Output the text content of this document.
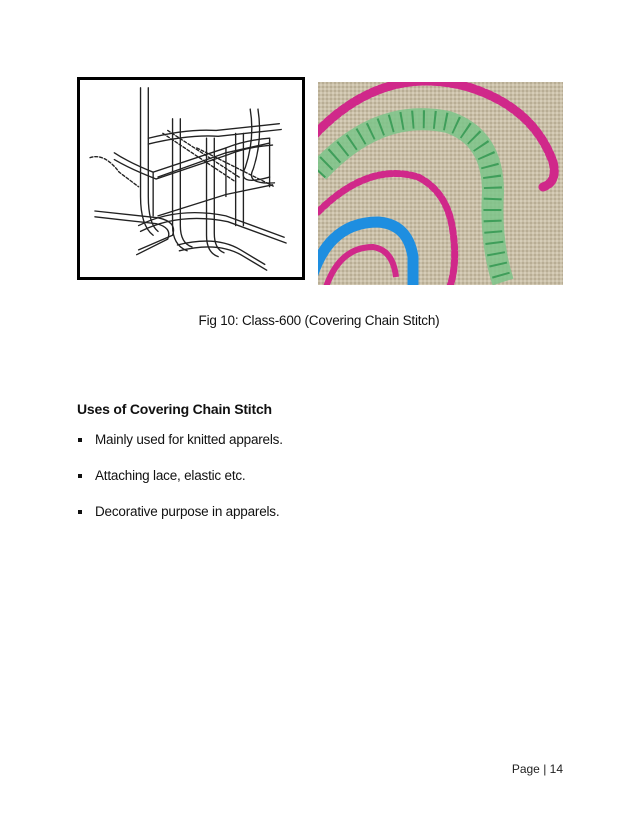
Fig 10: Class-600 (Covering Chain Stitch)
Uses of Covering Chain Stitch
Mainly used for knitted apparels.
Attaching lace, elastic etc.
Decorative purpose in apparels.
Page | 14
